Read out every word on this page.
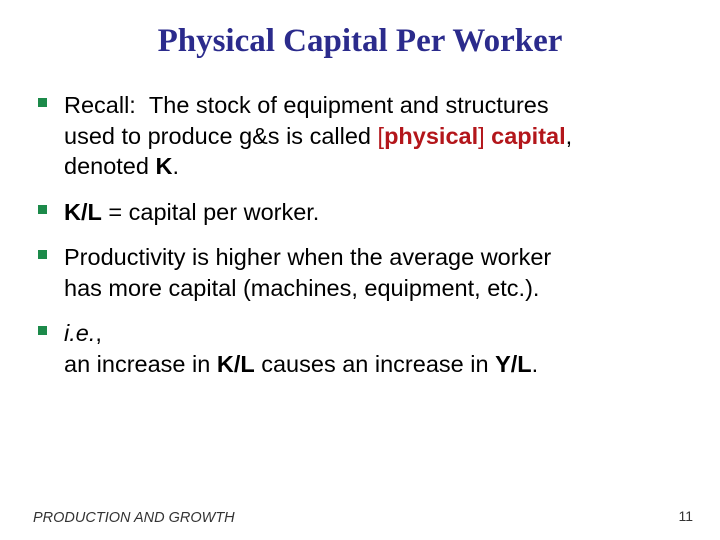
Physical Capital Per Worker
Recall: The stock of equipment and structures
used to produce g&s is called [physical] capital,
denoted K.
K/L = capital per worker.
Productivity is higher when the average worker
has more capital (machines, equipment, etc.).
i.e.,
an increase in K/L causes an increase in Y/L.
PRODUCTION AND GROWTH	11
